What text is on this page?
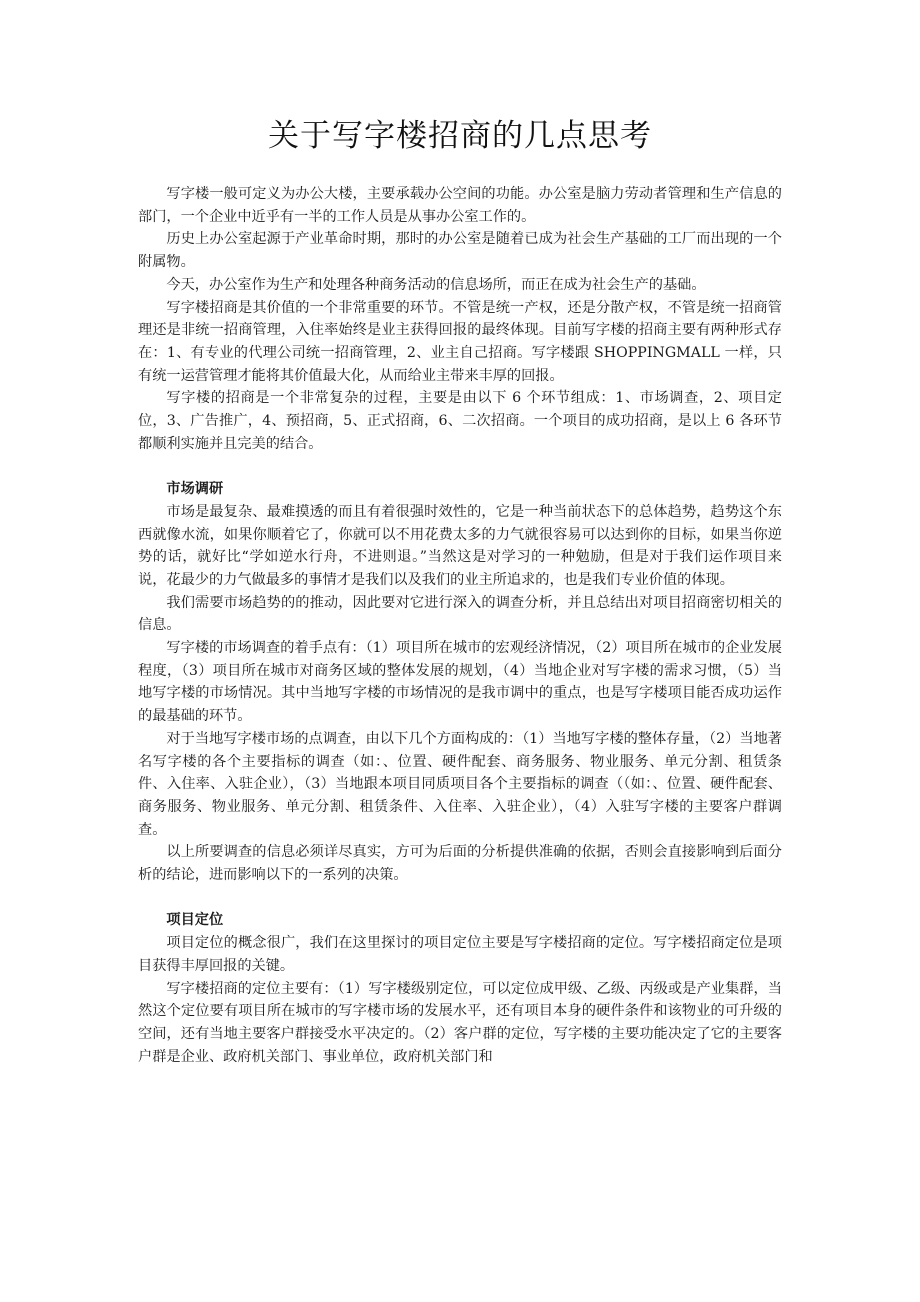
关于写字楼招商的几点思考

写字楼一般可定义为办公大楼，主要承载办公空间的功能。办公室是脑力劳动者管理和生产信息的部门，一个企业中近乎有一半的工作人员是从事办公室工作的。

历史上办公室起源于产业革命时期，那时的办公室是随着已成为社会生产基础的工厂而出现的一个附属物。

今天，办公室作为生产和处理各种商务活动的信息场所，而正在成为社会生产的基础。

写字楼招商是其价值的一个非常重要的环节。不管是统一产权，还是分散产权，不管是统一招商管理还是非统一招商管理，入住率始终是业主获得回报的最终体现。目前写字楼的招商主要有两种形式存在：1、有专业的代理公司统一招商管理，2、业主自己招商。写字楼跟 SHOPPINGMALL 一样，只有统一运营管理才能将其价值最大化，从而给业主带来丰厚的回报。

写字楼的招商是一个非常复杂的过程，主要是由以下 6 个环节组成：1、市场调查，2、项目定位，3、广告推广，4、预招商，5、正式招商，6、二次招商。一个项目的成功招商，是以上 6 各环节都顺利实施并且完美的结合。

市场调研

市场是最复杂、最难摸透的而且有着很强时效性的，它是一种当前状态下的总体趋势，趋势这个东西就像水流，如果你顺着它了，你就可以不用花费太多的力气就很容易可以达到你的目标，如果当你逆势的话，就好比“学如逆水行舟，不进则退。”当然这是对学习的一种勉励，但是对于我们运作项目来说，花最少的力气做最多的事情才是我们以及我们的业主所追求的，也是我们专业价值的体现。

我们需要市场趋势的的推动，因此要对它进行深入的调查分析，并且总结出对项目招商密切相关的信息。

写字楼的市场调查的着手点有：（1）项目所在城市的宏观经济情况，（2）项目所在城市的企业发展程度，（3）项目所在城市对商务区域的整体发展的规划，（4）当地企业对写字楼的需求习惯，（5）当地写字楼的市场情况。其中当地写字楼的市场情况的是我市调中的重点，也是写字楼项目能否成功运作的最基础的环节。

对于当地写字楼市场的点调查，由以下几个方面构成的：（1）当地写字楼的整体存量，（2）当地著名写字楼的各个主要指标的调查（如：、位置、硬件配套、商务服务、物业服务、单元分割、租赁条件、入住率、入驻企业），（3）当地跟本项目同质项目各个主要指标的调查（（如：、位置、硬件配套、商务服务、物业服务、单元分割、租赁条件、入住率、入驻企业），（4）入驻写字楼的主要客户群调查。

以上所要调查的信息必须详尽真实，方可为后面的分析提供准确的依据，否则会直接影响到后面分析的结论，进而影响以下的一系列的决策。

项目定位

项目定位的概念很广，我们在这里探讨的项目定位主要是写字楼招商的定位。写字楼招商定位是项目获得丰厚回报的关键。

写字楼招商的定位主要有：（1）写字楼级别定位，可以定位成甲级、乙级、丙级或是产业集群，当然这个定位要有项目所在城市的写字楼市场的发展水平，还有项目本身的硬件条件和该物业的可升级的空间，还有当地主要客户群接受水平决定的。（2）客户群的定位，写字楼的主要功能决定了它的主要客户群是企业、政府机关部门、事业单位，政府机关部门和
